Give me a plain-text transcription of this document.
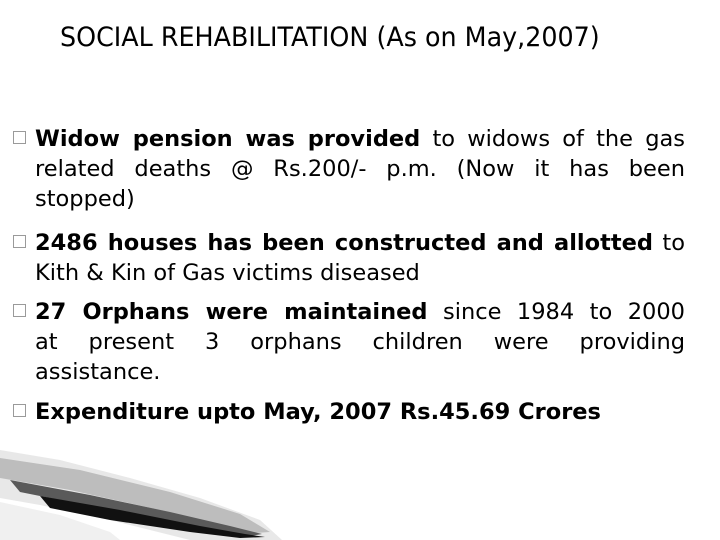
SOCIAL REHABILITATION (As on May,2007)
Widow pension was provided to widows of the gas
related deaths @ Rs.200/- p.m. (Now it has been
stopped)
2486 houses has been constructed and allotted to
Kith & Kin of Gas victims diseased
27 Orphans were maintained since 1984 to 2000
at present 3 orphans children were providing
assistance.
Expenditure upto May, 2007 Rs.45.69 Crores
